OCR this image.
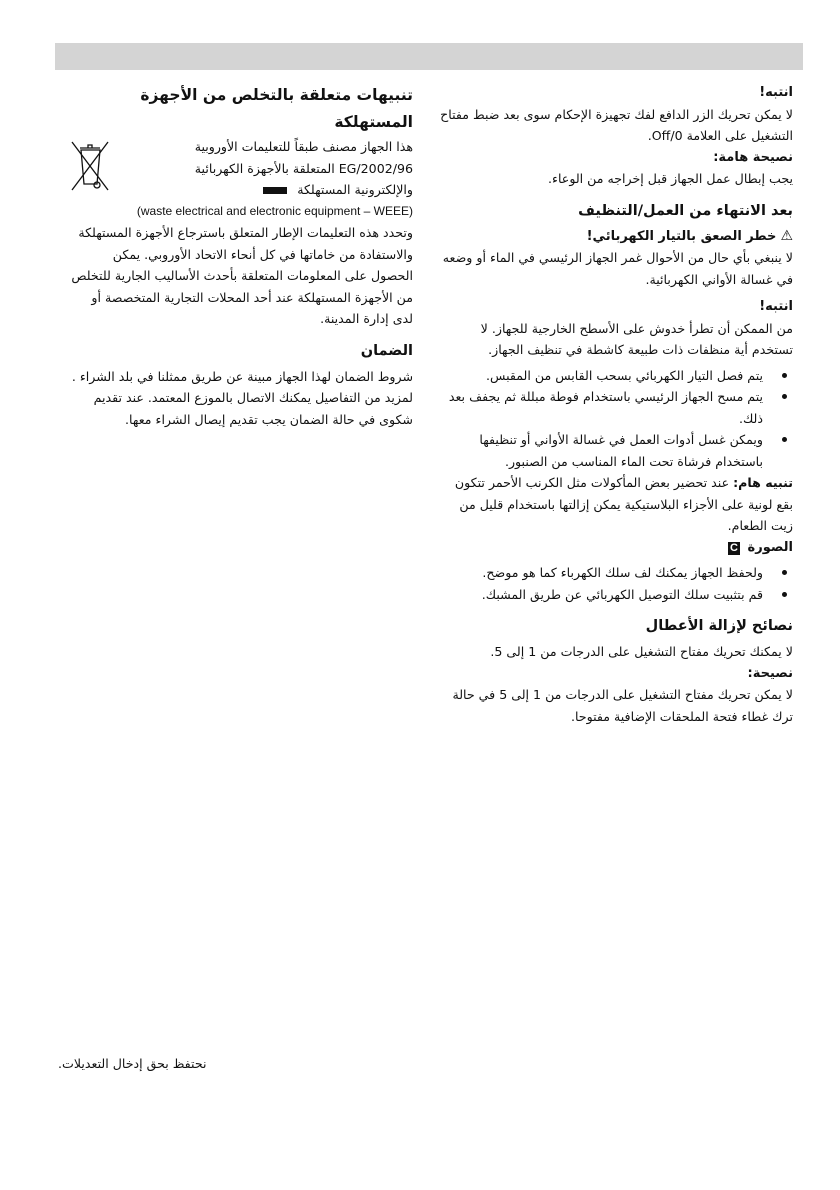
انتبه!

لا يمكن تحريك الزر الدافع لفك تجهيزة الإحكام سوى بعد ضبط مفتاح التشغيل على العلامة Off/0.

نصيحة هامة:

يجب إبطال عمل الجهاز قبل إخراجه من الوعاء.

بعد الانتهاء من العمل/التنظيف

⚠خطر الصعق بالتيار الكهربائي!

لا ينبغي بأي حال من الأحوال غمر الجهاز الرئيسي في الماء أو وضعه في غسالة الأواني الكهربائية.

انتبه!

من الممكن أن تطرأ خدوش على الأسطح الخارجية للجهاز. لا تستخدم أية منظفات ذات طبيعة كاشطة في تنظيف الجهاز.

يتم فصل التيار الكهربائي بسحب القابس من المقبس.
يتم مسح الجهاز الرئيسي باستخدام فوطة مبللة ثم يجفف بعد ذلك.
ويمكن غسل أدوات العمل في غسالة الأواني أو تنظيفها باستخدام فرشاة تحت الماء المناسب من الصنبور.

تنبيه هام: عند تحضير بعض المأكولات مثل الكرنب الأحمر تتكون بقع لونية على الأجزاء البلاستيكية يمكن إزالتها باستخدام قليل من زيت الطعام.

الصورة C

ولحفظ الجهاز يمكنك لف سلك الكهرباء كما هو موضح.
قم بتثبيت سلك التوصيل الكهربائي عن طريق المشبك.
نصائح لإزالة الأعطال

لا يمكنك تحريك مفتاح التشغيل على الدرجات من 1 إلى 5.

نصيحة:

لا يمكن تحريك مفتاح التشغيل على الدرجات من 1 إلى 5 في حالة ترك غطاء فتحة الملحقات الإضافية مفتوحا.

تنبيهات متعلقة بالتخلص من الأجهزة المستهلكة

هذا الجهاز مصنف طبقاً للتعليمات الأوروبية

2002/96/EG المتعلقة بالأجهزة الكهربائية

والإلكترونية المستهلكة

(waste electrical and electronic equipment – WEEE)

وتحدد هذه التعليمات الإطار المتعلق باسترجاع الأجهزة المستهلكة والاستفادة من خاماتها في كل أنحاء الاتحاد الأوروبي. يمكن الحصول على المعلومات المتعلقة بأحدث الأساليب الجارية للتخلص من الأجهزة المستهلكة عند أحد المحلات التجارية المتخصصة أو لدى إدارة المدينة.

الضمان

شروط الضمان لهذا الجهاز مبينة عن طريق ممثلنا في بلد الشراء . لمزيد من التفاصيل يمكنك الاتصال بالموزع المعتمد. عند تقديم شكوى في حالة الضمان يجب تقديم إيصال الشراء معها.

نحتفظ بحق إدخال التعديلات.
